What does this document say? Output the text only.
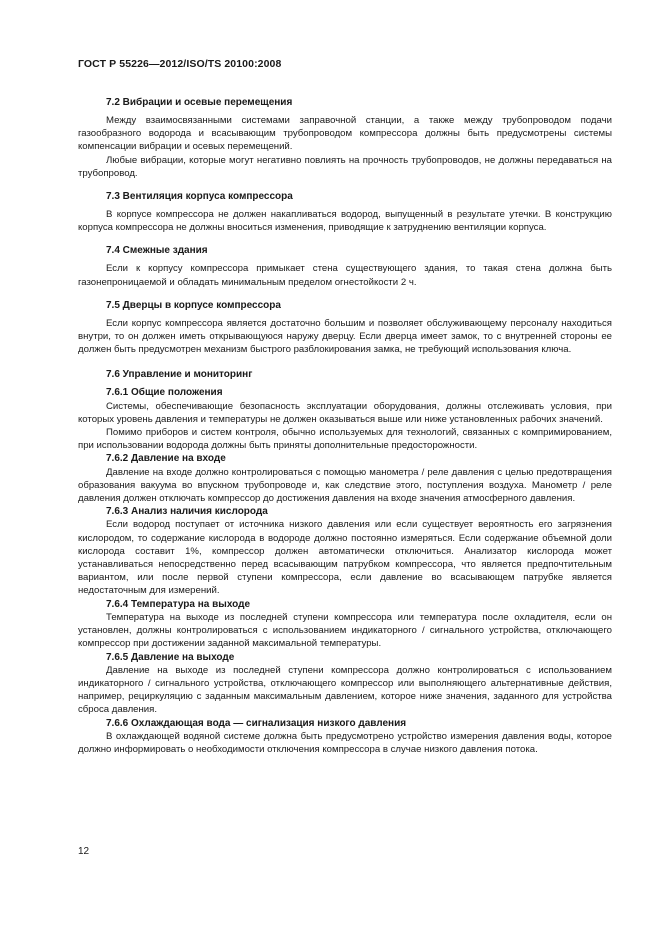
ГОСТ Р 55226—2012/ISO/TS 20100:2008
7.2 Вибрации и осевые перемещения

Между взаимосвязанными системами заправочной станции, а также между трубопроводом подачи газообразного водорода и всасывающим трубопроводом компрессора должны быть предусмотрены системы компенсации вибрации и осевых перемещений.

Любые вибрации, которые могут негативно повлиять на прочность трубопроводов, не должны передаваться на трубопровод.

7.3 Вентиляция корпуса компрессора

В корпусе компрессора не должен накапливаться водород, выпущенный в результате утечки. В конструкцию корпуса компрессора не должны вноситься изменения, приводящие к затруднению вентиляции корпуса.

7.4 Смежные здания

Если к корпусу компрессора примыкает стена существующего здания, то такая стена должна быть газонепроницаемой и обладать минимальным пределом огнестойкости 2 ч.

7.5 Дверцы в корпусе компрессора

Если корпус компрессора является достаточно большим и позволяет обслуживающему персоналу находиться внутри, то он должен иметь открывающуюся наружу дверцу. Если дверца имеет замок, то с внутренней стороны ее должен быть предусмотрен механизм быстрого разблокирования замка, не требующий использования ключа.

7.6 Управление и мониторинг
7.6.1 Общие положения

Системы, обеспечивающие безопасность эксплуатации оборудования, должны отслеживать условия, при которых уровень давления и температуры не должен оказываться выше или ниже установленных рабочих значений.

Помимо приборов и систем контроля, обычно используемых для технологий, связанных с компримированием, при использовании водорода должны быть приняты дополнительные предосторожности.

7.6.2 Давление на входе

Давление на входе должно контролироваться с помощью манометра / реле давления с целью предотвращения образования вакуума во впускном трубопроводе и, как следствие этого, поступления воздуха. Манометр / реле давления должен отключать компрессор до достижения давления на входе значения атмосферного давления.

7.6.3 Анализ наличия кислорода

Если водород поступает от источника низкого давления или если существует вероятность его загрязнения кислородом, то содержание кислорода в водороде должно постоянно измеряться. Если содержание объемной доли кислорода составит 1%, компрессор должен автоматически отключиться. Анализатор кислорода может устанавливаться непосредственно перед всасывающим патрубком компрессора, что является предпочтительным вариантом, или после первой ступени компрессора, если давление во всасывающем патрубке является недостаточным для измерений.

7.6.4 Температура на выходе

Температура на выходе из последней ступени компрессора или температура после охладителя, если он установлен, должны контролироваться с использованием индикаторного / сигнального устройства, отключающего компрессор при достижении заданной максимальной температуры.

7.6.5 Давление на выходе

Давление на выходе из последней ступени компрессора должно контролироваться с использованием индикаторного / сигнального устройства, отключающего компрессор или выполняющего альтернативные действия, например, рециркуляцию с заданным максимальным давлением, которое ниже значения, заданного для устройства сброса давления.

7.6.6 Охлаждающая вода — сигнализация низкого давления

В охлаждающей водяной системе должна быть предусмотрено устройство измерения давления воды, которое должно информировать о необходимости отключения компрессора в случае низкого давления потока.

12
